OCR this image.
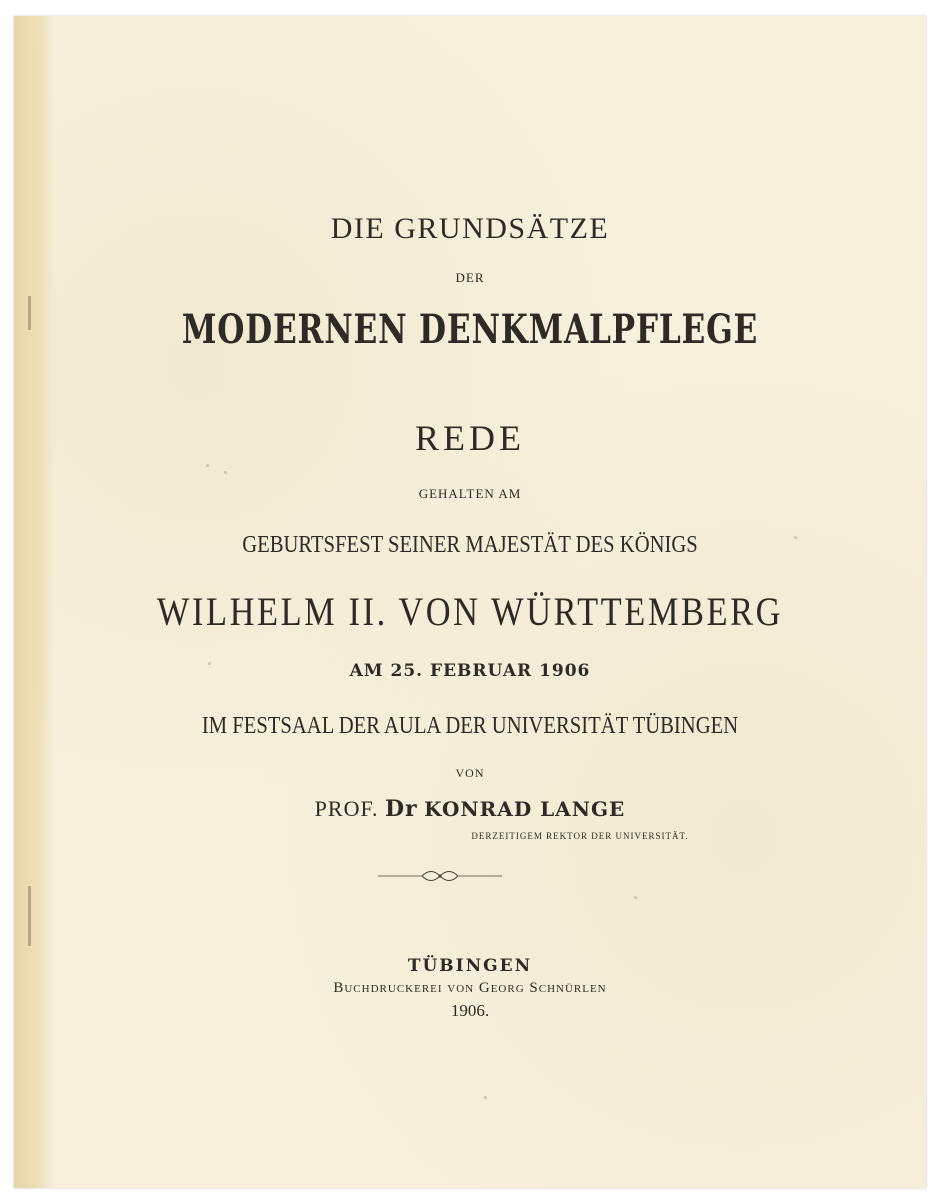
DIE GRUNDSÄTZE
DER
MODERNEN DENKMALPFLEGE
REDE
GEHALTEN AM
GEBURTSFEST SEINER MAJESTÄT DES KÖNIGS
WILHELM II. VON WÜRTTEMBERG
AM 25. FEBRUAR 1906
IM FESTSAAL DER AULA DER UNIVERSITÄT TÜBINGEN
VON
PROF. Dr KONRAD LANGE
DERZEITIGEM REKTOR DER UNIVERSITÄT.
TÜBINGEN
Buchdruckerei von Georg Schnürlen
1906.
